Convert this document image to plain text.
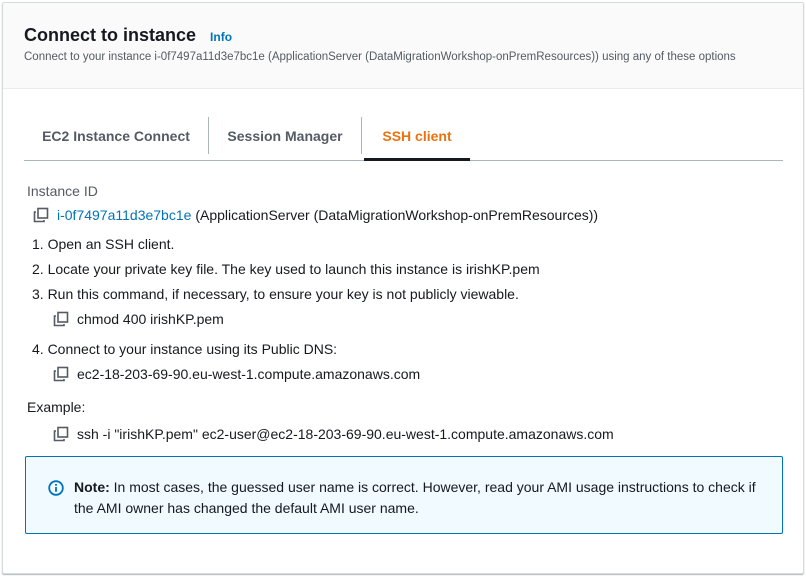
Connect to instance Info
Connect to your instance i-0f7497a11d3e7bc1e (ApplicationServer (DataMigrationWorkshop-onPremResources)) using any of these options
EC2 Instance Connect	Session Manager	SSH client
Instance ID
i-0f7497a11d3e7bc1e
(ApplicationServer (DataMigrationWorkshop-onPremResources))
1. Open an SSH client.
2. Locate your private key file. The key used to launch this instance is irishKP.pem
3. Run this command, if necessary, to ensure your key is not publicly viewable.
chmod 400 irishKP.pem
4. Connect to your instance using its Public DNS:
ec2-18-203-69-90.eu-west-1.compute.amazonaws.com
Example:
ssh -i "irishKP.pem" ec2-user@ec2-18-203-69-90.eu-west-1.compute.amazonaws.com
Note: In most cases, the guessed user name is correct. However, read your AMI usage instructions to check if the AMI owner has changed the default AMI user name.
